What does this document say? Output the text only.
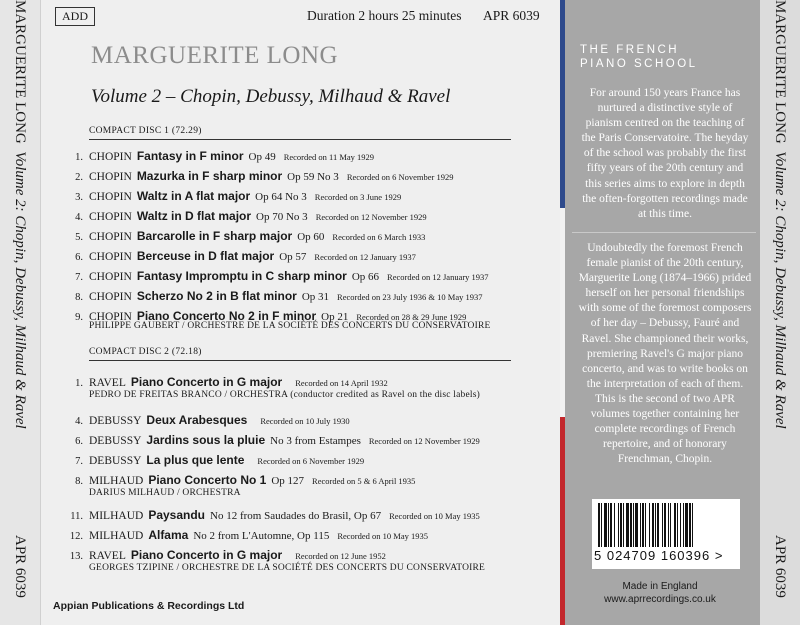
MARGUERITE LONG  Volume 2: Chopin, Debussy, Milhaud & Ravel
APR 6039
ADD	Duration 2 hours 25 minutes APR 6039
MARGUERITE LONG
Volume 2 – Chopin, Debussy, Milhaud & Ravel
COMPACT DISC 1 (72.29)
1. CHOPIN Fantasy in F minor Op 49 Recorded on 11 May 1929
2. CHOPIN Mazurka in F sharp minor Op 59 No 3 Recorded on 6 November 1929
3. CHOPIN Waltz in A flat major Op 64 No 3 Recorded on 3 June 1929
4. CHOPIN Waltz in D flat major Op 70 No 3 Recorded on 12 November 1929
5. CHOPIN Barcarolle in F sharp major Op 60 Recorded on 6 March 1933
6. CHOPIN Berceuse in D flat major Op 57 Recorded on 12 January 1937
7. CHOPIN Fantasy Impromptu in C sharp minor Op 66 Recorded on 12 January 1937
8. CHOPIN Scherzo No 2 in B flat minor Op 31 Recorded on 23 July 1936 & 10 May 1937
9. CHOPIN Piano Concerto No 2 in F minor Op 21 Recorded on 28 & 29 June 1929
PHILIPPE GAUBERT / ORCHESTRE DE LA SOCIÉTÉ DES CONCERTS DU CONSERVATOIRE
COMPACT DISC 2 (72.18)
1. RAVEL Piano Concerto in G major Recorded on 14 April 1932
4. DEBUSSY Deux Arabesques Recorded on 10 July 1930
6. DEBUSSY Jardins sous la pluie No 3 from Estampes Recorded on 12 November 1929
7. DEBUSSY La plus que lente Recorded on 6 November 1929
8. MILHAUD Piano Concerto No 1 Op 127 Recorded on 5 & 6 April 1935
11. MILHAUD Paysandu No 12 from Saudades do Brasil, Op 67 Recorded on 10 May 1935
12. MILHAUD Alfama No 2 from L'Automne, Op 115 Recorded on 10 May 1935
13. RAVEL Piano Concerto in G major Recorded on 12 June 1952
PEDRO DE FREITAS BRANCO / ORCHESTRA (conductor credited as Ravel on the disc labels)
DARIUS MILHAUD / ORCHESTRA
GEORGES TZIPINE / ORCHESTRE DE LA SOCIÉTÉ DES CONCERTS DU CONSERVATOIRE
Appian Publications & Recordings Ltd
THE FRENCH
PIANO SCHOOL
For around 150 years France has nurtured a distinctive style of pianism centred on the teaching of the Paris Conservatoire. The heyday of the school was probably the first fifty years of the 20th century and this series aims to explore in depth the often-forgotten recordings made at this time.
Undoubtedly the foremost French female pianist of the 20th century, Marguerite Long (1874–1966) prided herself on her personal friendships with some of the foremost composers of her day – Debussy, Fauré and Ravel. She championed their works, premiering Ravel's G major piano concerto, and was to write books on the interpretation of each of them. This is the second of two APR volumes together containing her complete recordings of French repertoire, and of honorary Frenchman, Chopin.
5 024709 160396 >
Made in England
www.aprrecordings.co.uk
MARGUERITE LONG  Volume 2: Chopin, Debussy, Milhaud & Ravel
APR 6039
